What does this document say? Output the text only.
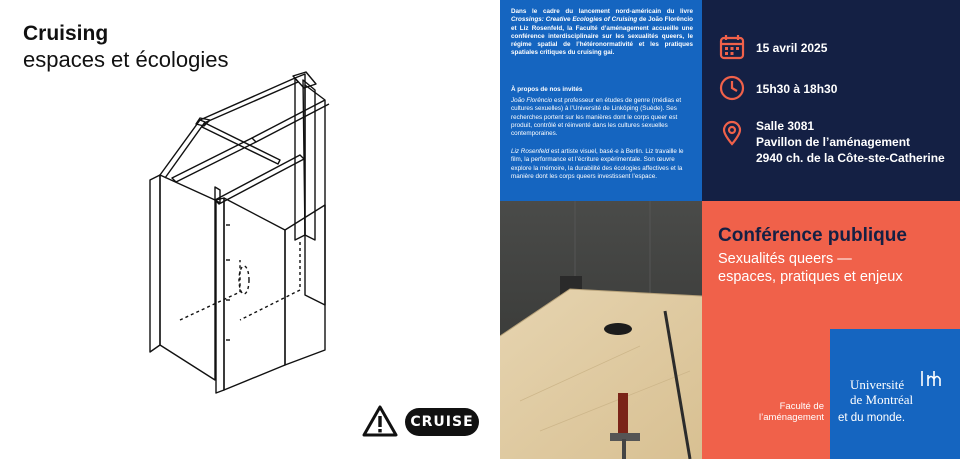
Cruising
espaces et écologies
CRUISE

Dans le cadre du lancement nord-américain du livre Crossings: Creative Ecologies of Cruising de João Florêncio et Liz Rosenfeld, la Faculté d’aménagement accueille une conférence interdisciplinaire sur les sexualités queers, le régime spatial de l’hétéronormativité et les pratiques spatiales critiques du cruising gai.

À propos de nos invités

João Florêncio est professeur en études de genre (médias et cultures sexuelles) à l’Université de Linköping (Suède). Ses recherches portent sur les manières dont le corps queer est produit, contrôlé et réinventé dans les cultures sexuelles contemporaines.

Liz Rosenfeld est artiste visuel, basé·e à Berlin. Liz travaille le film, la performance et l’écriture expérimentale. Son œuvre explore la mémoire, la durabilité des écologies affectives et la manière dont les corps queers investissent l’espace.

15 avril 2025
15h30 à 18h30
Salle 3081
Pavillon de l’aménagement
2940 ch. de la Côte-ste-Catherine
Conférence publique
Sexualités queers —
espaces, pratiques et enjeux
Faculté de
l’aménagement
Université
de Montréal
et du monde.
